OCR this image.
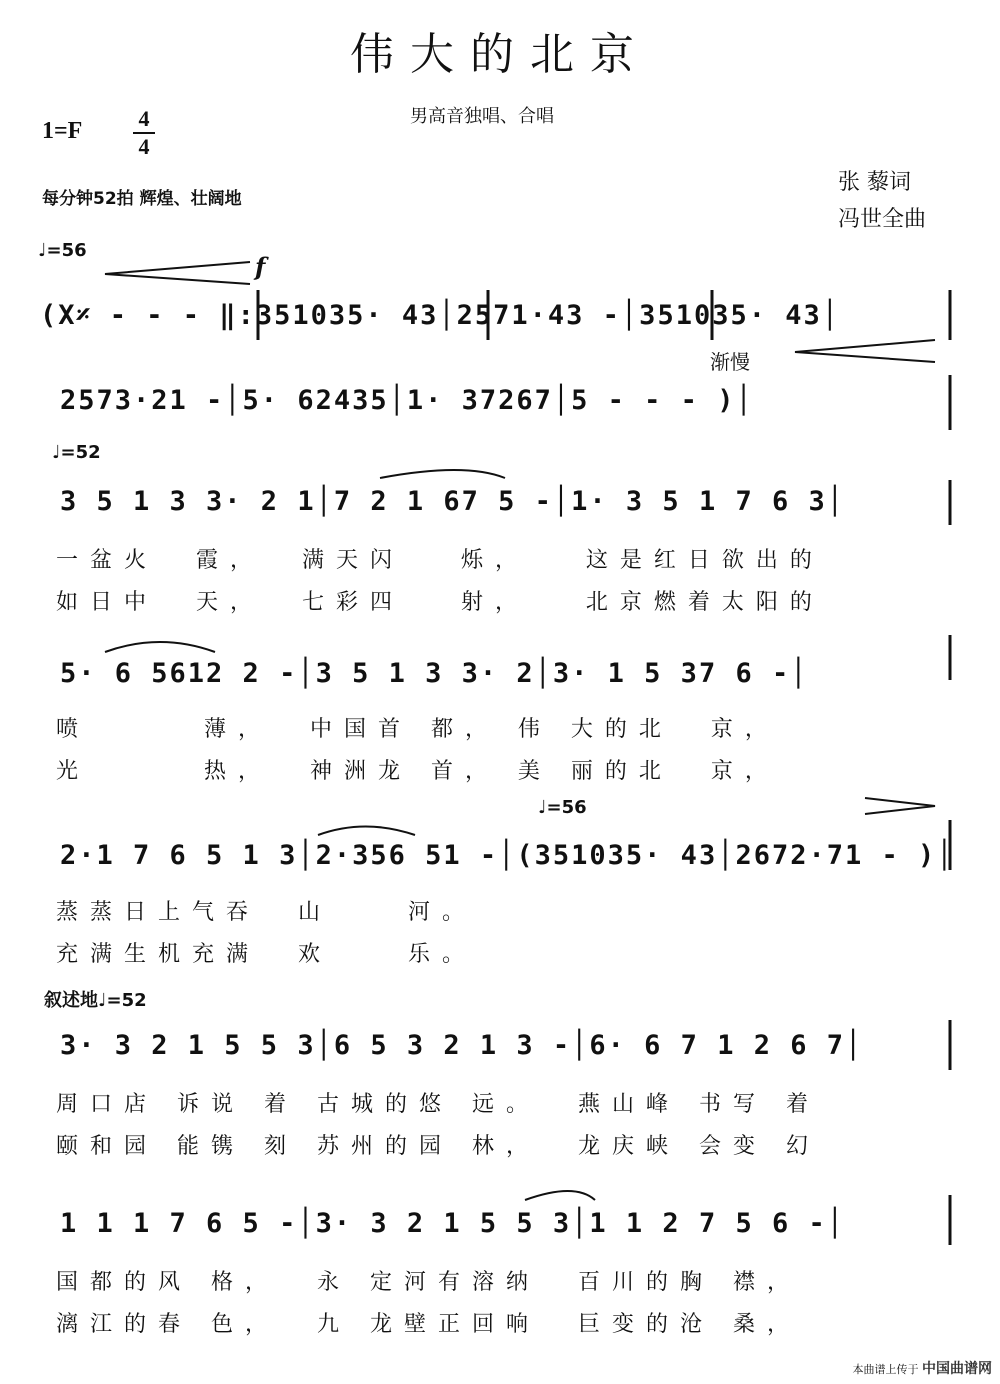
伟大的北京
男高音独唱、合唱
1=F	4
4
每分钟52拍 辉煌、壮阔地
张 藜词
冯世全曲
♩=56
f
渐慢
♩=52
♩=56
叙述地♩=52
(X𝄎 - - - ‖:351035· 43│2571·43 -│351035· 43│
2573·21 -│5· 62435│1· 37267│5 - - - )│
3 5 1 3 3· 2 1│7 2 1 67 5 -│1· 3 5 1 7 6 3│
一盆火  霞，  满天闪   烁，   这是红日欲出的
如日中  天，  七彩四   射，   北京燃着太阳的
5· 6 5612 2 -│3 5 1 3 3· 2│3· 1 5 37 6 -│
喷      薄，  中国首 都， 伟 大的北  京，
光      热，  神洲龙 首， 美 丽的北  京，
2·1 7 6 5 1 3│2·356 51 -│(351035· 43│2672·71 - )│
蒸蒸日上气吞  山    河。
充满生机充满  欢    乐。
3· 3 2 1 5 5 3│6 5 3 2 1 3 -│6· 6 7 1 2 6 7│
周口店 诉说 着 古城的悠 远。  燕山峰 书写 着
颐和园 能镌 刻 苏州的园 林，  龙庆峡 会变 幻
1 1 1 7 6 5 -│3· 3 2 1 5 5 3│1 1 2 7 5 6 -│
国都的风 格，  永 定河有溶纳  百川的胸 襟，
漓江的春 色，  九 龙壁正回响  巨变的沧 桑，
本曲谱上传于 中国曲谱网
